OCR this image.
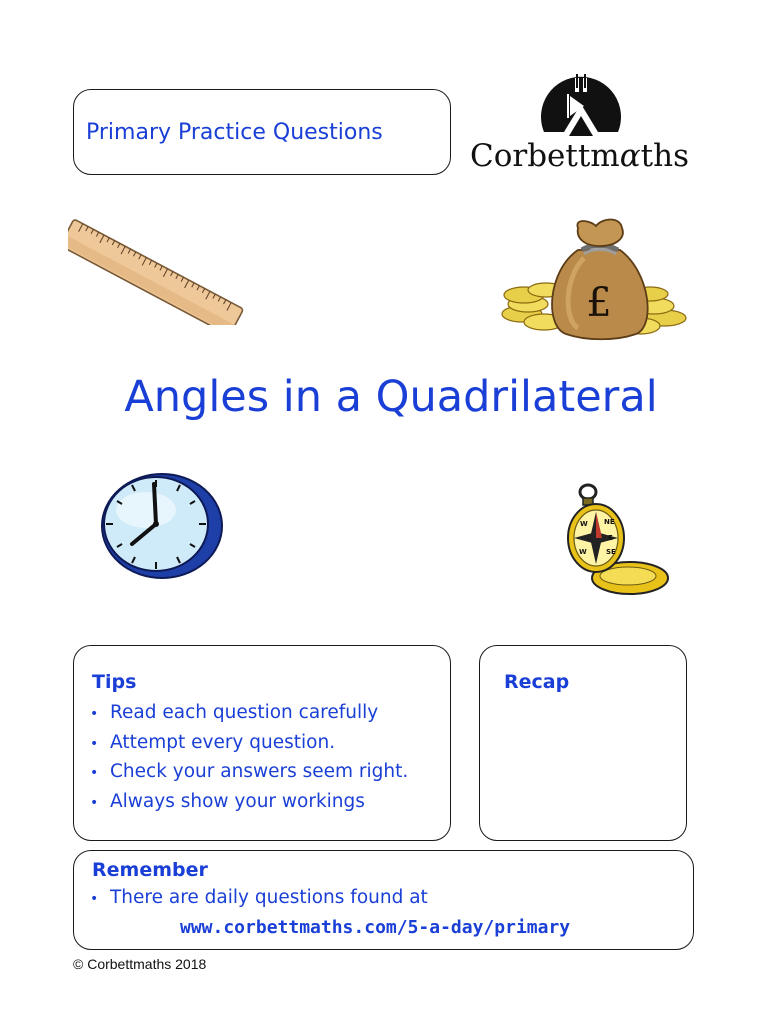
Primary Practice Questions
Corbettmαths
£
Angles in a Quadrilateral
NE
SE
W
E
W
Tips
• Read each question carefully
• Attempt every question.
• Check your answers seem right.
• Always show your workings
Recap
Remember
• There are daily questions found at
www.corbettmaths.com/5-a-day/primary
© Corbettmaths 2018
